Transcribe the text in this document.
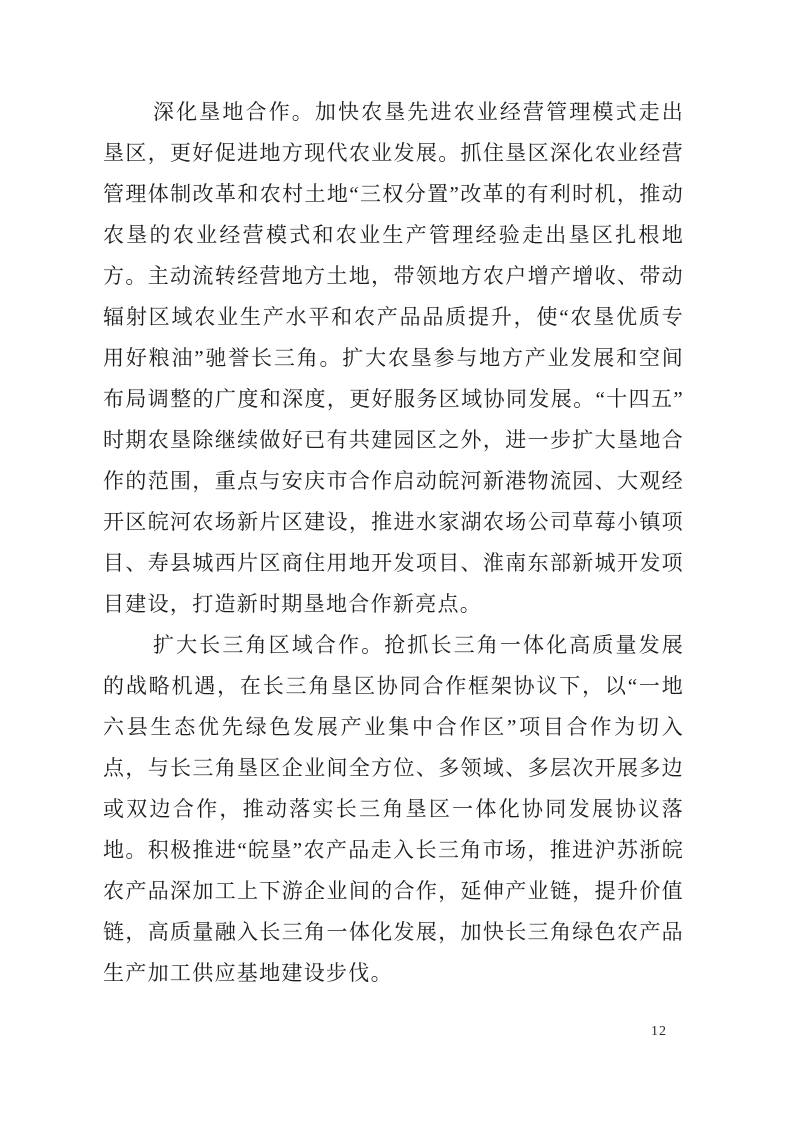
深化垦地合作。加快农垦先进农业经营管理模式走出垦区，更好促进地方现代农业发展。抓住垦区深化农业经营管理体制改革和农村土地“三权分置”改革的有利时机，推动农垦的农业经营模式和农业生产管理经验走出垦区扎根地方。主动流转经营地方土地，带领地方农户增产增收、带动辐射区域农业生产水平和农产品品质提升，使“农垦优质专用好粮油”驰誉长三角。扩大农垦参与地方产业发展和空间布局调整的广度和深度，更好服务区域协同发展。“十四五”时期农垦除继续做好已有共建园区之外，进一步扩大垦地合作的范围，重点与安庆市合作启动皖河新港物流园、大观经开区皖河农场新片区建设，推进水家湖农场公司草莓小镇项目、寿县城西片区商住用地开发项目、淮南东部新城开发项目建设，打造新时期垦地合作新亮点。

扩大长三角区域合作。抢抓长三角一体化高质量发展的战略机遇，在长三角垦区协同合作框架协议下，以“一地六县生态优先绿色发展产业集中合作区”项目合作为切入点，与长三角垦区企业间全方位、多领域、多层次开展多边或双边合作，推动落实长三角垦区一体化协同发展协议落地。积极推进“皖垦”农产品走入长三角市场，推进沪苏浙皖农产品深加工上下游企业间的合作，延伸产业链，提升价值链，高质量融入长三角一体化发展，加快长三角绿色农产品生产加工供应基地建设步伐。

12
